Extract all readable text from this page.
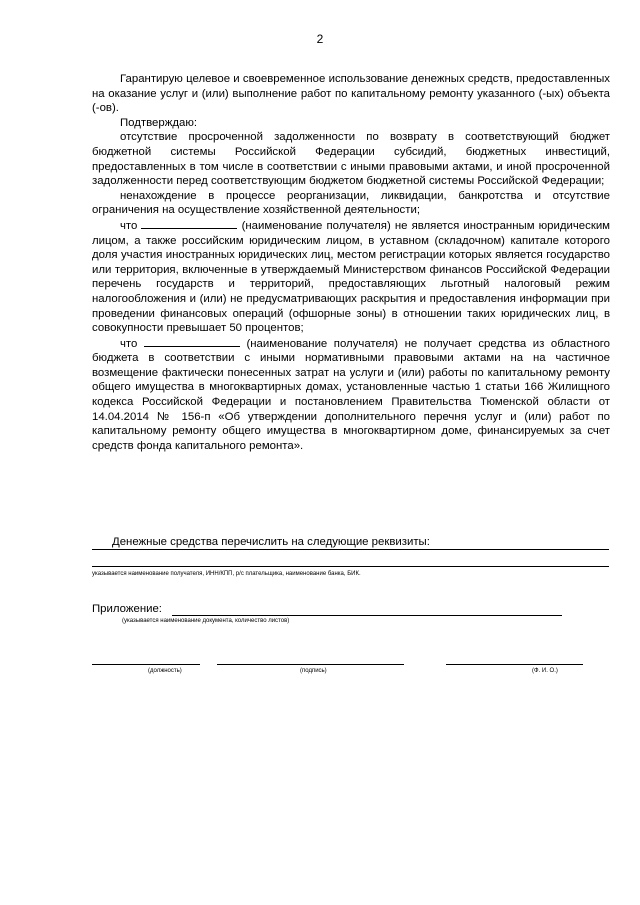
2

Гарантирую целевое и своевременное использование денежных средств, предоставленных на оказание услуг и (или) выполнение работ по капитальному ремонту указанного (-ых) объекта (-ов).

Подтверждаю:

отсутствие просроченной задолженности по возврату в соответствующий бюджет бюджетной системы Российской Федерации субсидий, бюджетных инвестиций, предоставленных в том числе в соответствии с иными правовыми актами, и иной просроченной задолженности перед соответствующим бюджетом бюджетной системы Российской Федерации;

ненахождение в процессе реорганизации, ликвидации, банкротства и отсутствие ограничения на осуществление хозяйственной деятельности;

что	(наименование получателя) не является иностранным юридическим лицом, а также российским юридическим лицом, в уставном (складочном) капитале которого доля участия иностранных юридических лиц, местом регистрации которых является государство или территория, включенные в утверждаемый Министерством финансов Российской Федерации перечень государств и территорий, предоставляющих льготный налоговый режим налогообложения и (или) не предусматривающих раскрытия и предоставления информации при проведении финансовых операций (офшорные зоны) в отношении таких юридических лиц, в совокупности превышает 50 процентов;

что	(наименование получателя) не получает средства из областного бюджета в соответствии с иными нормативными правовыми актами на на частичное возмещение фактически понесенных затрат на услуги и (или) работы по капитальному ремонту общего имущества в многоквартирных домах, установленные частью 1 статьи 166 Жилищного кодекса Российской Федерации и постановлением Правительства Тюменской области от 14.04.2014 № 156-п «Об утверждении дополнительного перечня услуг и (или) работ по капитальному ремонту общего имущества в многоквартирном доме, финансируемых за счет средств фонда капитального ремонта».

Денежные средства перечислить на следующие реквизиты:
указывается наименование получателя, ИНН/КПП, р/с плательщика, наименование банка, БИК.
Приложение:
(указывается наименование документа, количество листов)
(должность)	(подпись)	(Ф. И. О.)
